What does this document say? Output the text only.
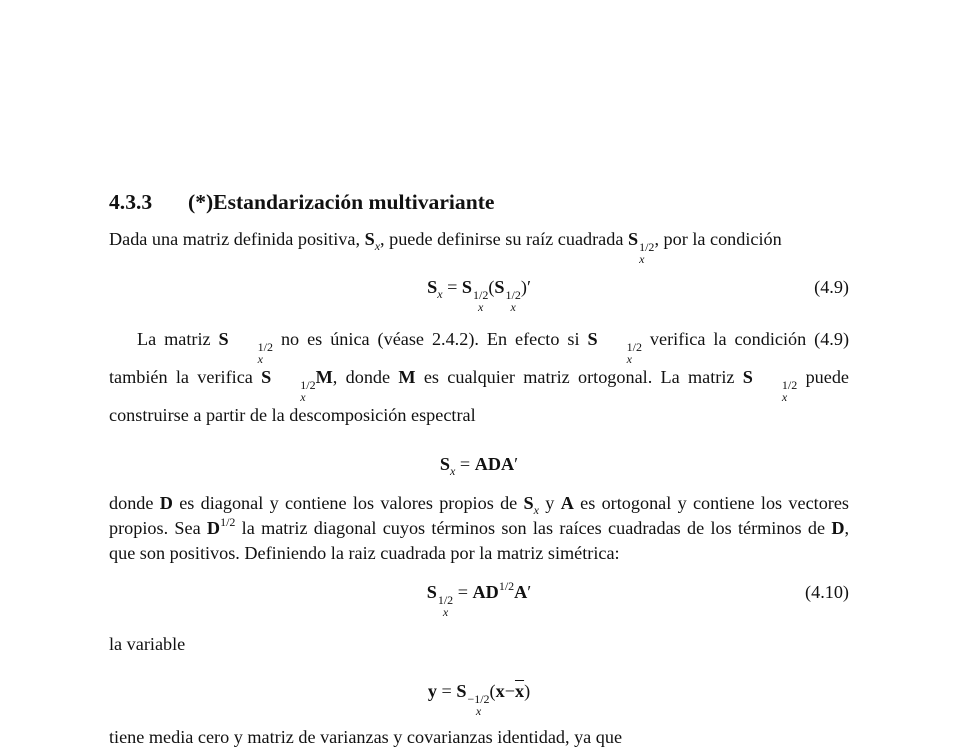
4.3.3 (*)Estandarización multivariante

Dada una matriz definida positiva, $S_x$, puede definirse su raíz cuadrada S 1/2
x
, por la condición

$S_x = S$ 1/2
x
(S 1/2
x
)′	(4.9)

La matriz S	1/2
x
no es única (véase 2.4.2). En efecto si S	1/2
x
verifica la condición (4.9) también la verifica S	1/2
x
M, donde M es cualquier matriz ortogonal. La matriz S	1/2
x
puede construirse a partir de la descomposición espectral

$S_x = ADA'$

donde D es diagonal y contiene los valores propios de $S_x$ y A es ortogonal y contiene los vectores propios. Sea $D^{1/2}$ la matriz diagonal cuyos términos son las raíces cuadradas de los términos de D, que son positivos. Definiendo la raiz cuadrada por la matriz simétrica:

S 1/2
x
= $AD^{1/2}A'$	(4.10)

la variable

y = S −1/2
x
$(x-\overline{x})$

tiene media cero y matriz de varianzas y covarianzas identidad, ya que
